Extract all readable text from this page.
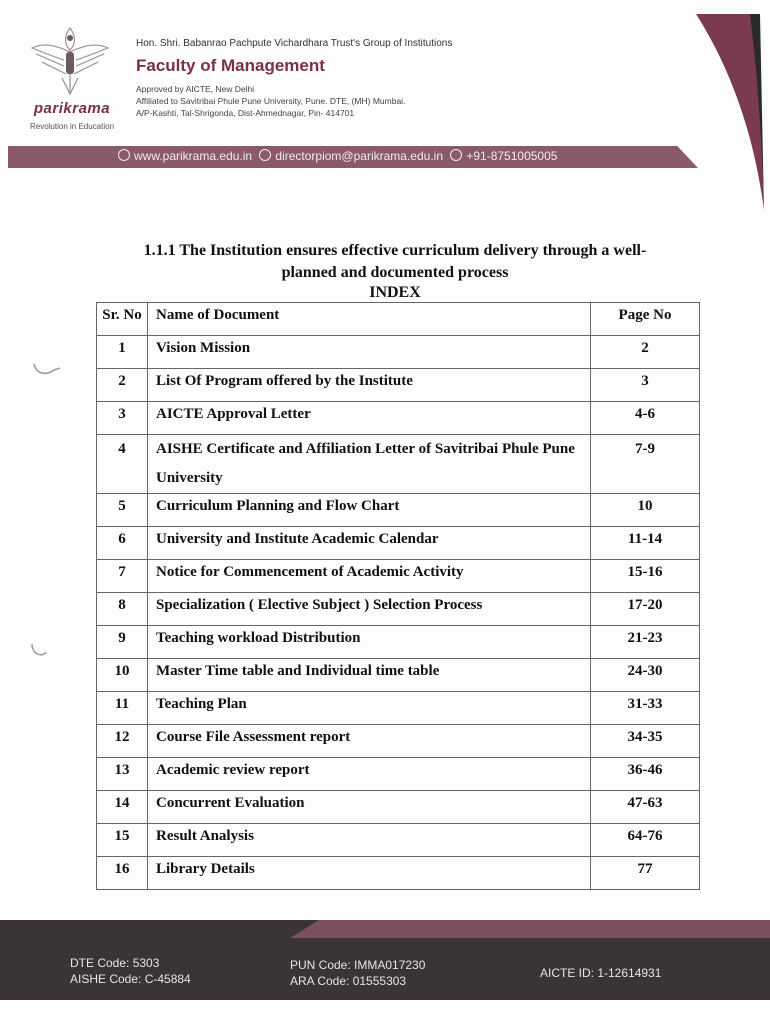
parikrama
Revolution in Education
Hon. Shri. Babanrao Pachpute Vichardhara Trust's Group of Institutions
Faculty of Management
Approved by AICTE, New Delhi
Affiliated to Savitribai Phule Pune University, Pune. DTE, (MH) Mumbai.
A/P-Kashti, Tal-Shrigonda, Dist-Ahmednagar, Pin- 414701
www.parikrama.edu.in directorpiom@parikrama.edu.in +91-8751005005
1.1.1 The Institution ensures effective curriculum delivery through a well-
planned and documented process
INDEX
Sr. No	Name of Document	Page No
1	Vision Mission	2
2	List Of Program offered by the Institute	3
3	AICTE Approval Letter	4-6
4	AISHE Certificate and Affiliation Letter of Savitribai Phule Pune University	7-9
5	Curriculum Planning and Flow Chart	10
6	University and Institute Academic Calendar	11-14
7	Notice for Commencement of Academic Activity	15-16
8	Specialization ( Elective Subject ) Selection Process	17-20
9	Teaching workload Distribution	21-23
10	Master Time table and Individual time table	24-30
11	Teaching Plan	31-33
12	Course File Assessment report	34-35
13	Academic review report	36-46
14	Concurrent Evaluation	47-63
15	Result Analysis	64-76
16	Library Details	77
DTE Code: 5303
AISHE Code: C-45884
PUN Code: IMMA017230
ARA Code: 01555303
AICTE ID: 1-12614931
